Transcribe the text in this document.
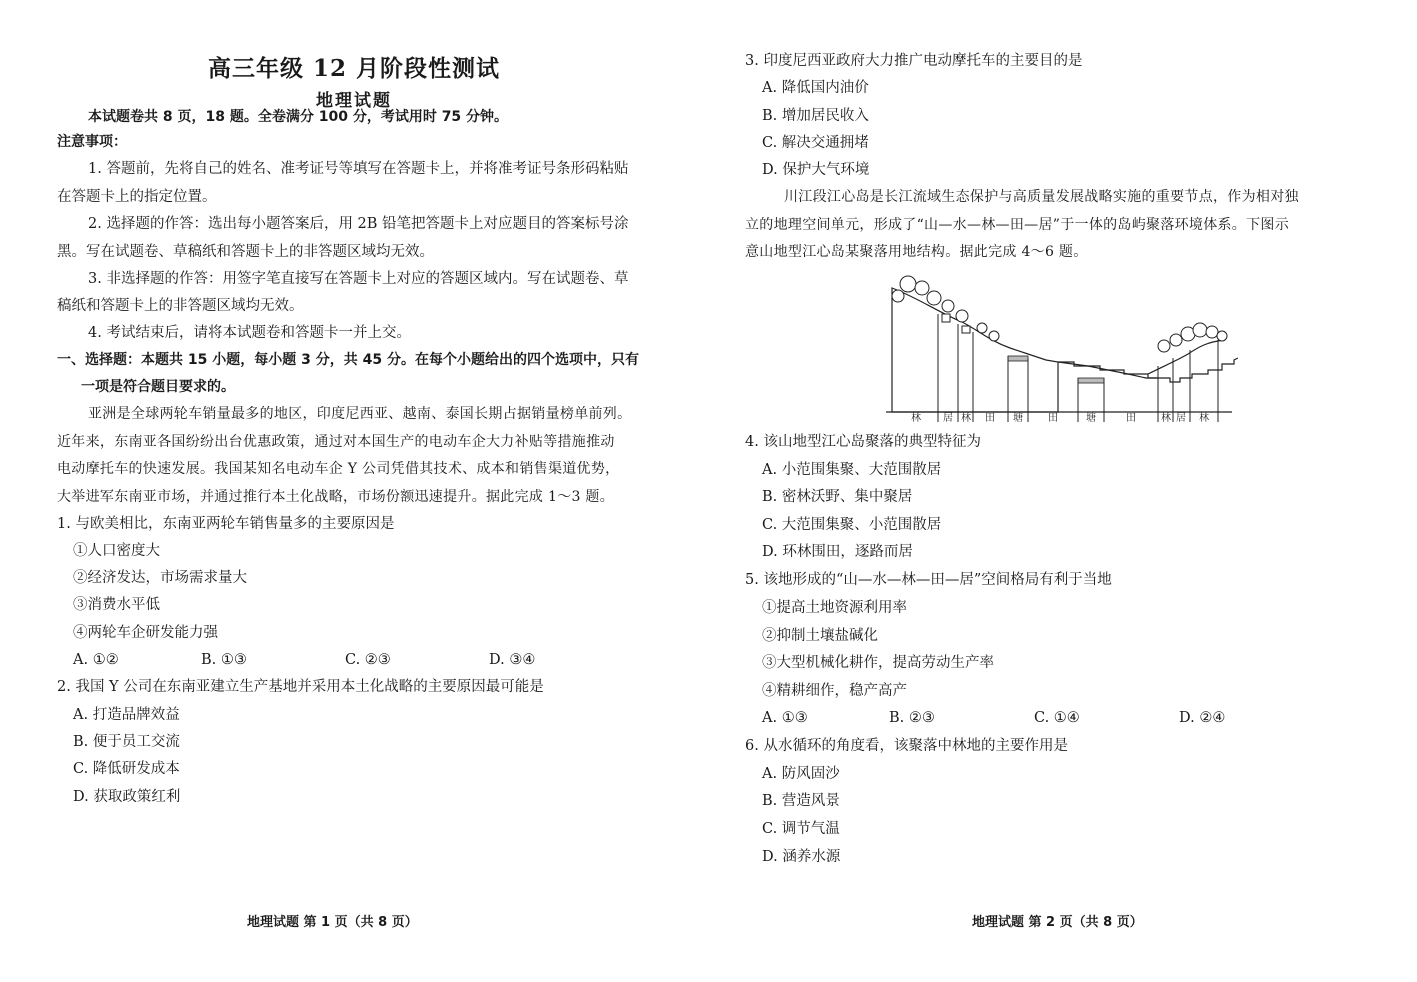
高三年级 12 月阶段性测试
地理试题
本试题卷共 8 页，18 题。全卷满分 100 分，考试用时 75 分钟。
注意事项：
1. 答题前，先将自己的姓名、准考证号等填写在答题卡上，并将准考证号条形码粘贴
在答题卡上的指定位置。
2. 选择题的作答：选出每小题答案后，用 2B 铅笔把答题卡上对应题目的答案标号涂
黑。写在试题卷、草稿纸和答题卡上的非答题区域均无效。
3. 非选择题的作答：用签字笔直接写在答题卡上对应的答题区域内。写在试题卷、草
稿纸和答题卡上的非答题区域均无效。
4. 考试结束后，请将本试题卷和答题卡一并上交。
一、选择题：本题共 15 小题，每小题 3 分，共 45 分。在每个小题给出的四个选项中，只有
一项是符合题目要求的。
亚洲是全球两轮车销量最多的地区，印度尼西亚、越南、泰国长期占据销量榜单前列。
近年来，东南亚各国纷纷出台优惠政策，通过对本国生产的电动车企大力补贴等措施推动
电动摩托车的快速发展。我国某知名电动车企 Y 公司凭借其技术、成本和销售渠道优势，
大举进军东南亚市场，并通过推行本土化战略，市场份额迅速提升。据此完成 1～3 题。
1. 与欧美相比，东南亚两轮车销售量多的主要原因是
①人口密度大
②经济发达，市场需求量大
③消费水平低
④两轮车企研发能力强
A. ①②	B. ①③	C. ②③	D. ③④
2. 我国 Y 公司在东南亚建立生产基地并采用本土化战略的主要原因最可能是
A. 打造品牌效益
B. 便于员工交流
C. 降低研发成本
D. 获取政策红利
地理试题 第 1 页（共 8 页）
3. 印度尼西亚政府大力推广电动摩托车的主要目的是
A. 降低国内油价
B. 增加居民收入
C. 解决交通拥堵
D. 保护大气环境
川江段江心岛是长江流域生态保护与高质量发展战略实施的重要节点，作为相对独
立的地理空间单元，形成了“山—水—林—田—居”于一体的岛屿聚落环境体系。下图示
意山地型江心岛某聚落用地结构。据此完成 4～6 题。
林 居 林 田 塘	田	塘	田	林 居 林
4. 该山地型江心岛聚落的典型特征为
A. 小范围集聚、大范围散居
B. 密林沃野、集中聚居
C. 大范围集聚、小范围散居
D. 环林围田，逐路而居
5. 该地形成的“山—水—林—田—居”空间格局有利于当地
①提高土地资源利用率
②抑制土壤盐碱化
③大型机械化耕作，提高劳动生产率
④精耕细作，稳产高产
A. ①③	B. ②③	C. ①④	D. ②④
6. 从水循环的角度看，该聚落中林地的主要作用是
A. 防风固沙
B. 营造风景
C. 调节气温
D. 涵养水源
地理试题 第 2 页（共 8 页）
